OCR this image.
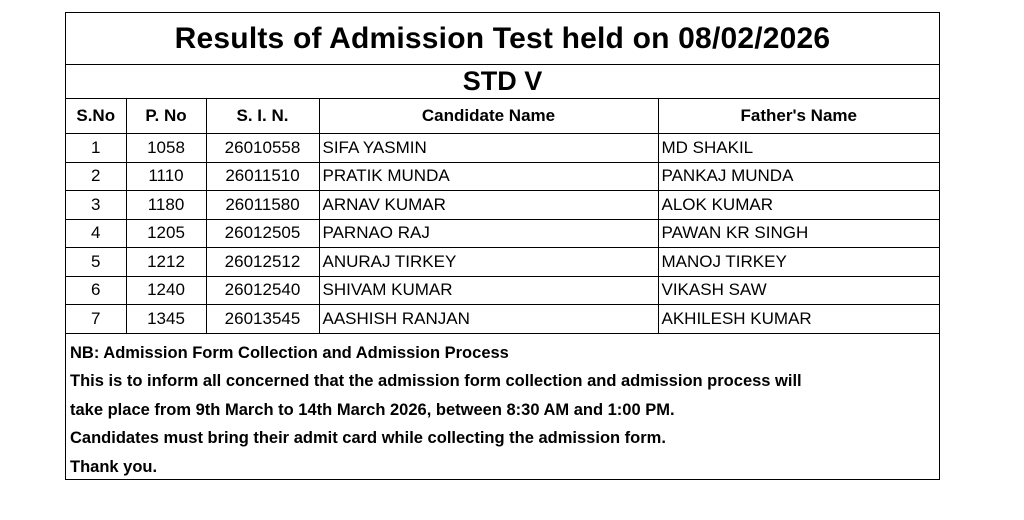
Results of Admission Test held on 08/02/2026
STD V
S.No	P. No	S. I. N.	Candidate Name	Father's Name
1	1058	26010558	SIFA YASMIN	MD SHAKIL
2	1110	26011510	PRATIK MUNDA	PANKAJ MUNDA
3	1180	26011580	ARNAV KUMAR	ALOK KUMAR
4	1205	26012505	PARNAO RAJ	PAWAN KR SINGH
5	1212	26012512	ANURAJ TIRKEY	MANOJ TIRKEY
6	1240	26012540	SHIVAM KUMAR	VIKASH SAW
7	1345	26013545	AASHISH RANJAN	AKHILESH KUMAR
NB: Admission Form Collection and Admission Process
This is to inform all concerned that the admission form collection and admission process will
take place from 9th March to 14th March 2026, between 8:30 AM and 1:00 PM.
Candidates must bring their admit card while collecting the admission form.
Thank you.
